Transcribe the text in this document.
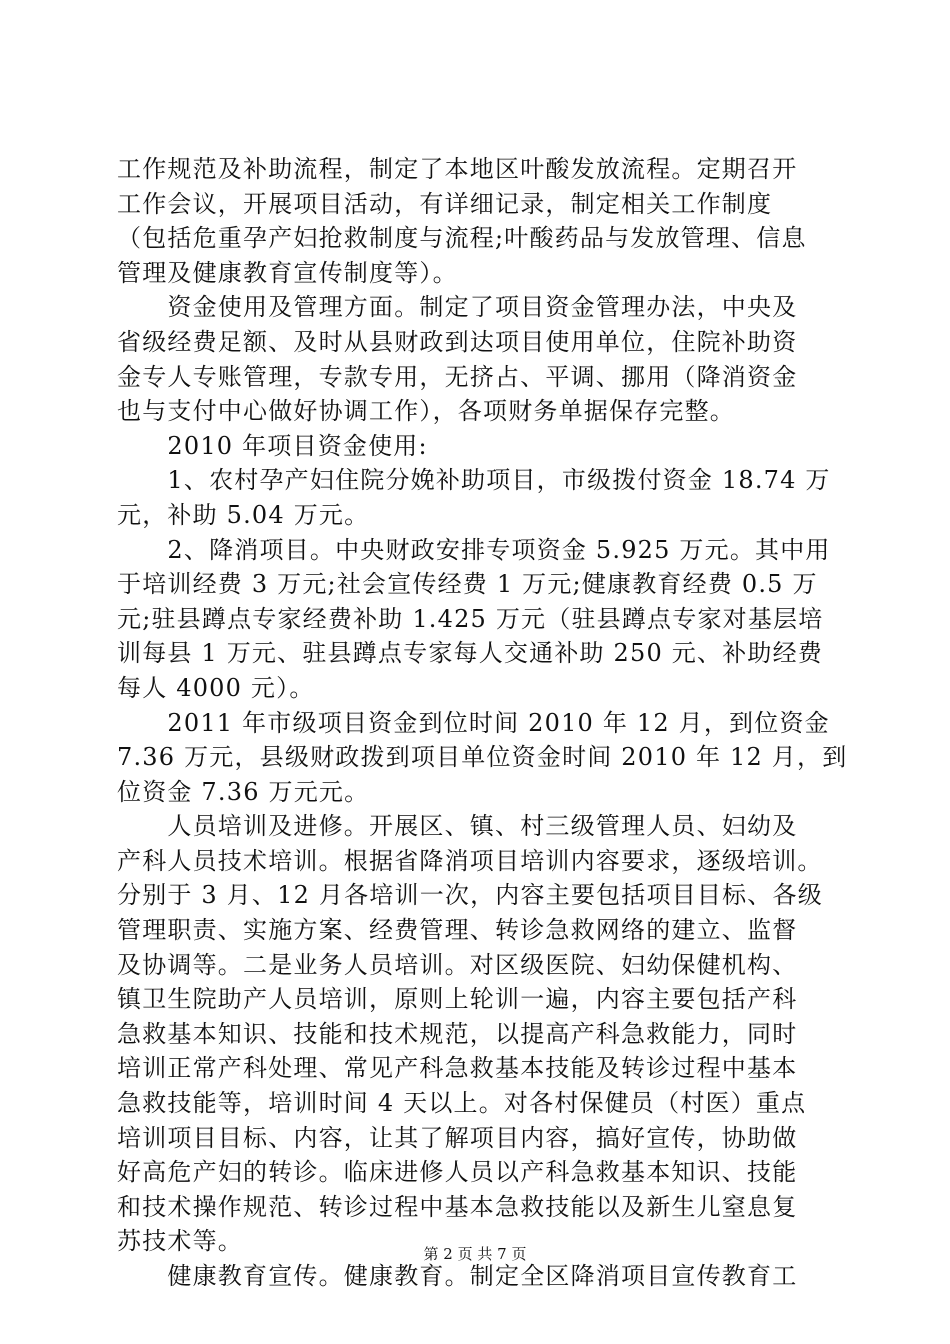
工作规范及补助流程，制定了本地区叶酸发放流程。定期召开
工作会议，开展项目活动，有详细记录，制定相关工作制度
（包括危重孕产妇抢救制度与流程;叶酸药品与发放管理、信息
管理及健康教育宣传制度等）。
　　资金使用及管理方面。制定了项目资金管理办法，中央及
省级经费足额、及时从县财政到达项目使用单位，住院补助资
金专人专账管理，专款专用，无挤占、平调、挪用（降消资金
也与支付中心做好协调工作），各项财务单据保存完整。
　　2010 年项目资金使用:
　　1、农村孕产妇住院分娩补助项目，市级拨付资金 18.74 万
元，补助 5.04 万元。
　　2、降消项目。中央财政安排专项资金 5.925 万元。其中用
于培训经费 3 万元;社会宣传经费 1 万元;健康教育经费 0.5 万
元;驻县蹲点专家经费补助 1.425 万元（驻县蹲点专家对基层培
训每县 1 万元、驻县蹲点专家每人交通补助 250 元、补助经费
每人 4000 元）。
　　2011 年市级项目资金到位时间 2010 年 12 月，到位资金
7.36 万元，县级财政拨到项目单位资金时间 2010 年 12 月，到
位资金 7.36 万元元。
　　人员培训及进修。开展区、镇、村三级管理人员、妇幼及
产科人员技术培训。根据省降消项目培训内容要求，逐级培训。
分别于 3 月、12 月各培训一次，内容主要包括项目目标、各级
管理职责、实施方案、经费管理、转诊急救网络的建立、监督
及协调等。二是业务人员培训。对区级医院、妇幼保健机构、
镇卫生院助产人员培训，原则上轮训一遍，内容主要包括产科
急救基本知识、技能和技术规范，以提高产科急救能力，同时
培训正常产科处理、常见产科急救基本技能及转诊过程中基本
急救技能等，培训时间 4 天以上。对各村保健员（村医）重点
培训项目目标、内容，让其了解项目内容，搞好宣传，协助做
好高危产妇的转诊。临床进修人员以产科急救基本知识、技能
和技术操作规范、转诊过程中基本急救技能以及新生儿窒息复
苏技术等。
　　健康教育宣传。健康教育。制定全区降消项目宣传教育工
第 2 页 共 7 页
